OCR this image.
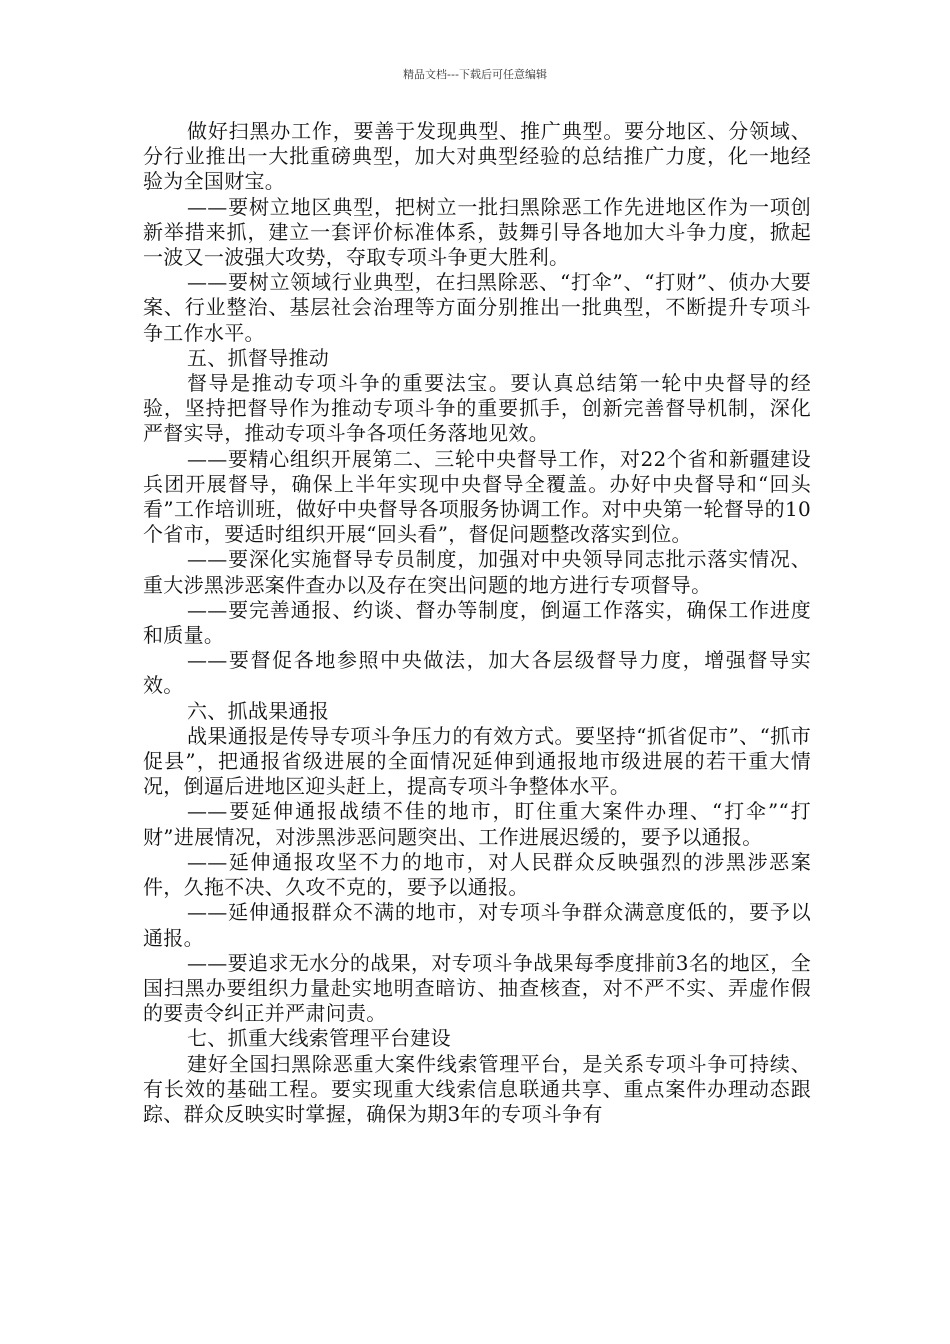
精品文档---下载后可任意编辑

做好扫黑办工作，要善于发现典型、推广典型。要分地区、分领域、分行业推出一大批重磅典型，加大对典型经验的总结推广力度，化一地经验为全国财宝。

——要树立地区典型，把树立一批扫黑除恶工作先进地区作为一项创新举措来抓，建立一套评价标准体系，鼓舞引导各地加大斗争力度，掀起一波又一波强大攻势，夺取专项斗争更大胜利。

——要树立领域行业典型，在扫黑除恶、“打伞”、“打财”、侦办大要案、行业整治、基层社会治理等方面分别推出一批典型，不断提升专项斗争工作水平。

五、抓督导推动

督导是推动专项斗争的重要法宝。要认真总结第一轮中央督导的经验，坚持把督导作为推动专项斗争的重要抓手，创新完善督导机制，深化严督实导，推动专项斗争各项任务落地见效。

——要精心组织开展第二、三轮中央督导工作，对22个省和新疆建设兵团开展督导，确保上半年实现中央督导全覆盖。办好中央督导和“回头看”工作培训班，做好中央督导各项服务协调工作。对中央第一轮督导的10个省市，要适时组织开展“回头看”，督促问题整改落实到位。

——要深化实施督导专员制度，加强对中央领导同志批示落实情况、重大涉黑涉恶案件查办以及存在突出问题的地方进行专项督导。

——要完善通报、约谈、督办等制度，倒逼工作落实，确保工作进度和质量。

——要督促各地参照中央做法，加大各层级督导力度，增强督导实效。

六、抓战果通报

战果通报是传导专项斗争压力的有效方式。要坚持“抓省促市”、“抓市促县”，把通报省级进展的全面情况延伸到通报地市级进展的若干重大情况，倒逼后进地区迎头赶上，提高专项斗争整体水平。

——要延伸通报战绩不佳的地市，盯住重大案件办理、“打伞”“打财”进展情况，对涉黑涉恶问题突出、工作进展迟缓的，要予以通报。

——延伸通报攻坚不力的地市，对人民群众反映强烈的涉黑涉恶案件，久拖不决、久攻不克的，要予以通报。

——延伸通报群众不满的地市，对专项斗争群众满意度低的，要予以通报。

——要追求无水分的战果，对专项斗争战果每季度排前3名的地区，全国扫黑办要组织力量赴实地明查暗访、抽查核查，对不严不实、弄虚作假的要责令纠正并严肃问责。

七、抓重大线索管理平台建设

建好全国扫黑除恶重大案件线索管理平台，是关系专项斗争可持续、有长效的基础工程。要实现重大线索信息联通共享、重点案件办理动态跟踪、群众反映实时掌握，确保为期3年的专项斗争有
